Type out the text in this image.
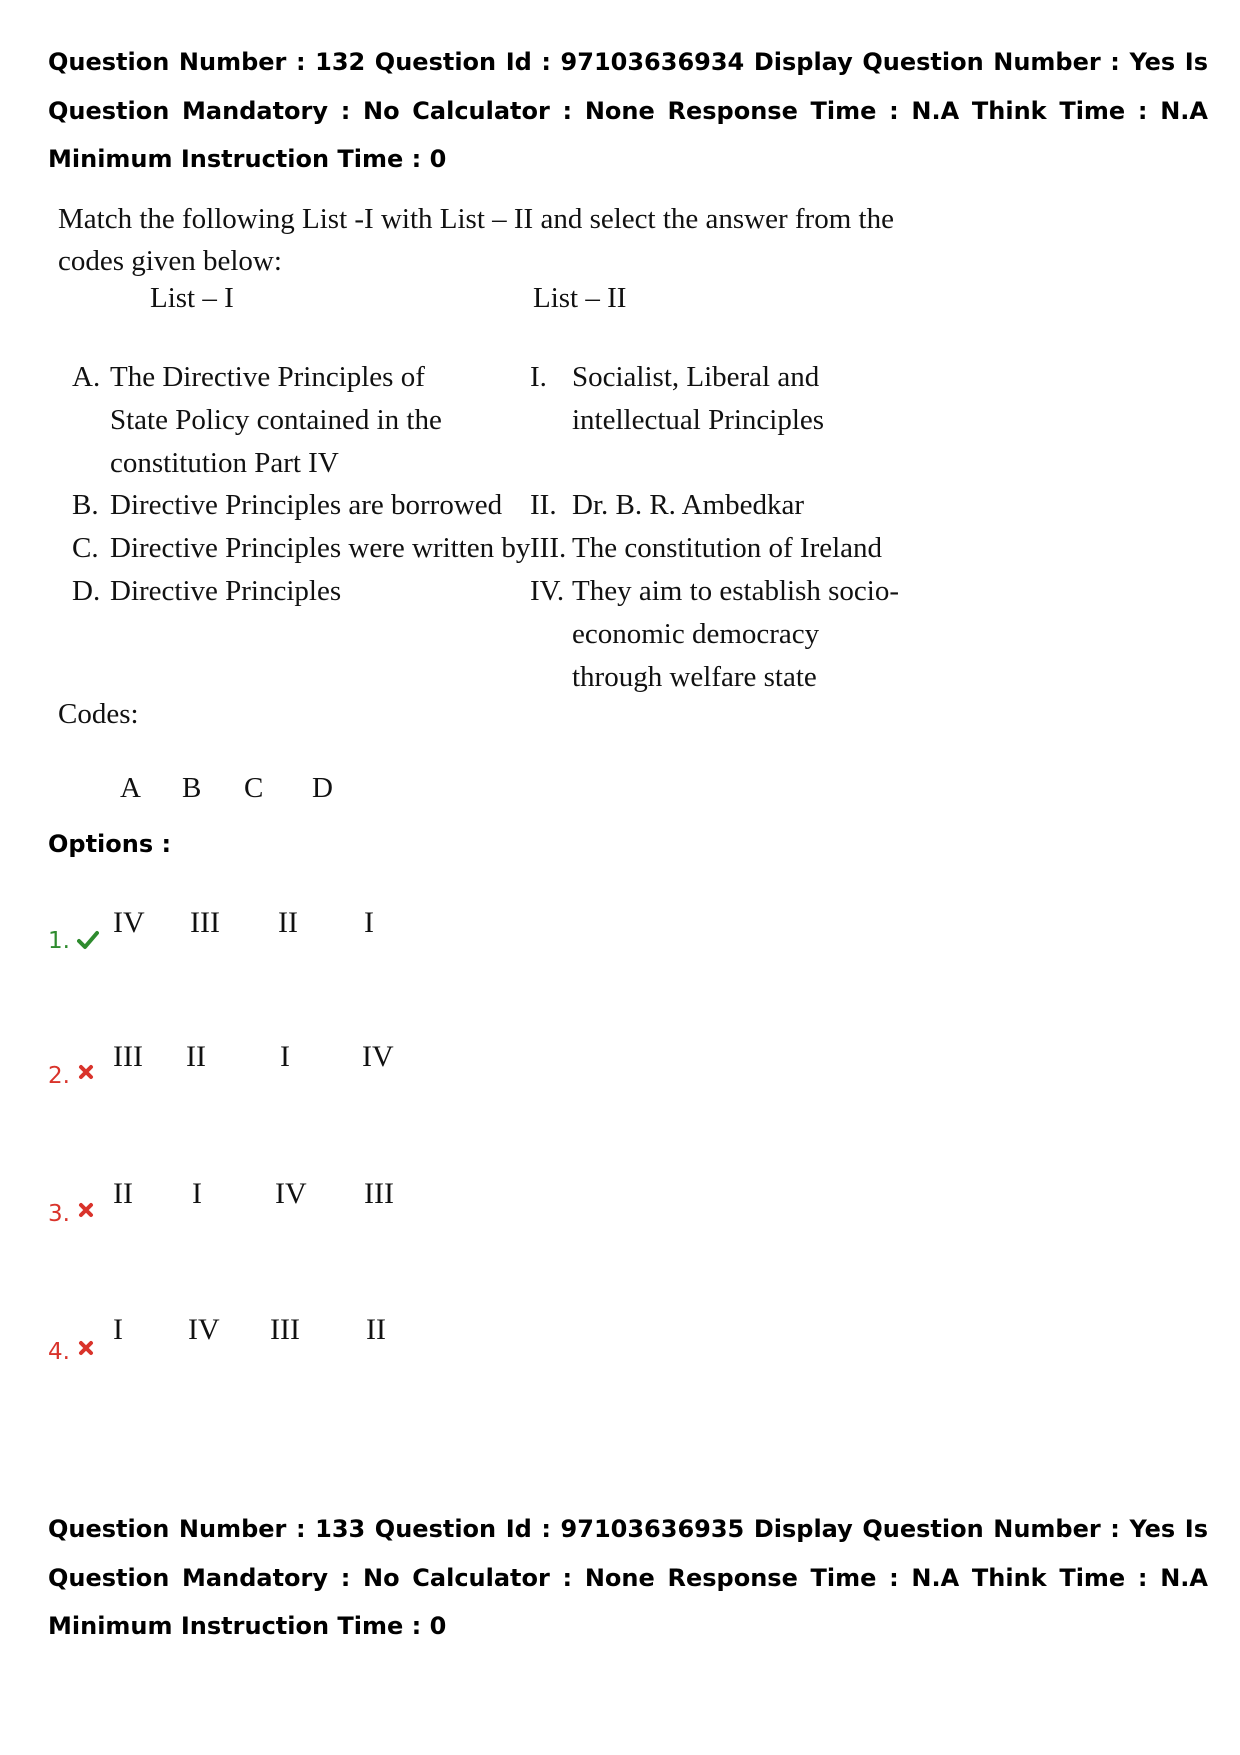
Question Number : 132 Question Id : 97103636934 Display Question Number : Yes Is Question Mandatory : No Calculator : None Response Time : N.A Think Time : N.A Minimum Instruction Time : 0
Match the following List -I with List – II and select the answer from the codes given below:
List – I	List – II
A. The Directive Principles of State Policy contained in the constitution Part IV
B. Directive Principles are borrowed
C. Directive Principles were written by
D. Directive Principles
I. Socialist, Liberal and intellectual Principles
II. Dr. B. R. Ambedkar
III. The constitution of Ireland
IV. They aim to establish socio-economic democracy through welfare state
Codes:
A B C D
Options :
1.
IV III II I
2.
III II I IV
3.
II I IV III
4.
I IV III II
Question Number : 133 Question Id : 97103636935 Display Question Number : Yes Is Question Mandatory : No Calculator : None Response Time : N.A Think Time : N.A Minimum Instruction Time : 0
